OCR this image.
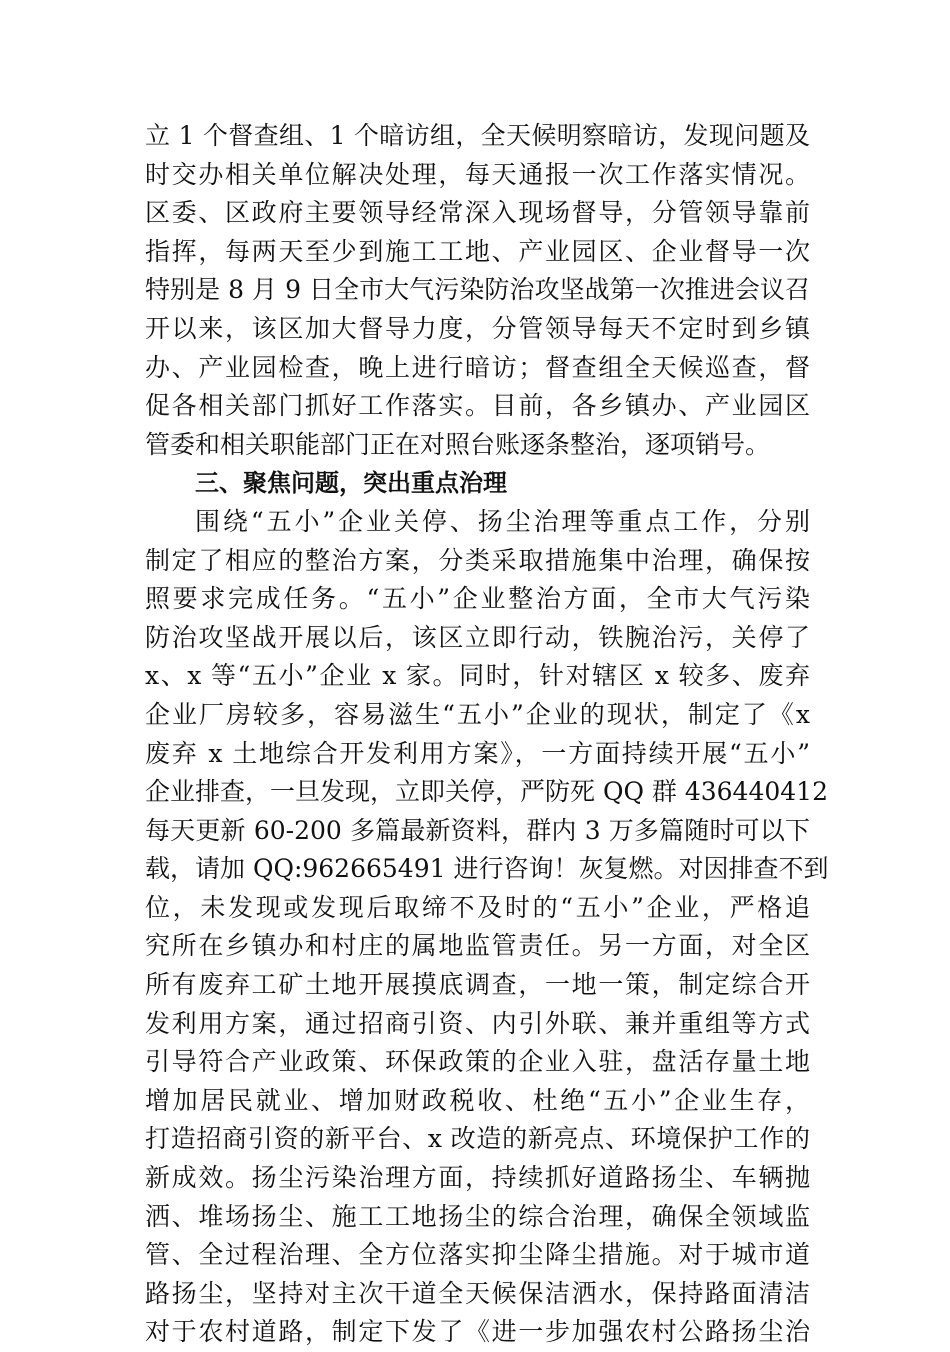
立 1 个督查组、1 个暗访组，全天候明察暗访，发现问题及
时交办相关单位解决处理，每天通报一次工作落实情况。
区委、区政府主要领导经常深入现场督导，分管领导靠前
指挥，每两天至少到施工工地、产业园区、企业督导一次
特别是 8 月 9 日全市大气污染防治攻坚战第一次推进会议召
开以来，该区加大督导力度，分管领导每天不定时到乡镇
办、产业园检查，晚上进行暗访；督查组全天候巡查，督
促各相关部门抓好工作落实。目前，各乡镇办、产业园区
管委和相关职能部门正在对照台账逐条整治，逐项销号。
三、聚焦问题，突出重点治理
围绕“五小”企业关停、扬尘治理等重点工作，分别
制定了相应的整治方案，分类采取措施集中治理，确保按
照要求完成任务。“五小”企业整治方面，全市大气污染
防治攻坚战开展以后，该区立即行动，铁腕治污，关停了
x、x 等“五小”企业 x 家。同时，针对辖区 x 较多、废弃
企业厂房较多，容易滋生“五小”企业的现状，制定了《x
废弃 x 土地综合开发利用方案》，一方面持续开展“五小”
企业排查，一旦发现，立即关停，严防死 QQ 群 436440412
每天更新 60-200 多篇最新资料，群内 3 万多篇随时可以下
载，请加 QQ:962665491 进行咨询！灰复燃。对因排查不到
位，未发现或发现后取缔不及时的“五小”企业，严格追
究所在乡镇办和村庄的属地监管责任。另一方面，对全区
所有废弃工矿土地开展摸底调查，一地一策，制定综合开
发利用方案，通过招商引资、内引外联、兼并重组等方式
引导符合产业政策、环保政策的企业入驻，盘活存量土地
增加居民就业、增加财政税收、杜绝“五小”企业生存，
打造招商引资的新平台、x 改造的新亮点、环境保护工作的
新成效。扬尘污染治理方面，持续抓好道路扬尘、车辆抛
洒、堆场扬尘、施工工地扬尘的综合治理，确保全领域监
管、全过程治理、全方位落实抑尘降尘措施。对于城市道
路扬尘，坚持对主次干道全天候保洁洒水，保持路面清洁
对于农村道路，制定下发了《进一步加强农村公路扬尘治
